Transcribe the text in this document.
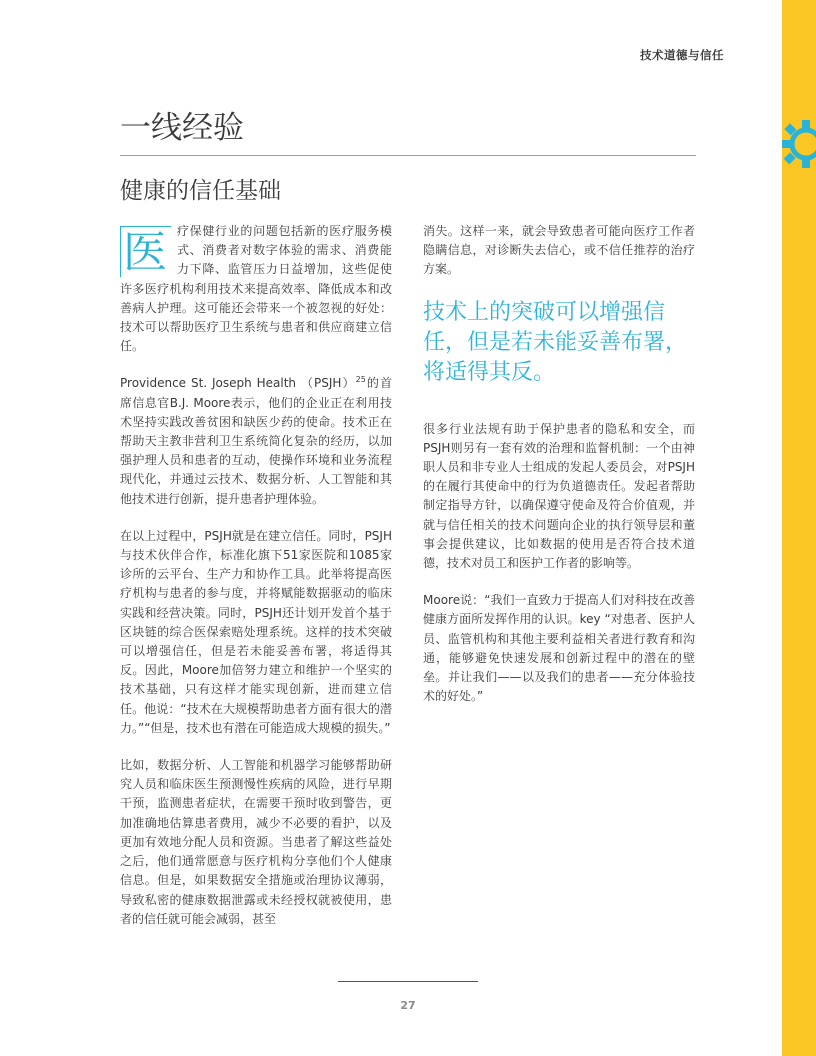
技术道德与信任
一线经验
健康的信任基础

医 疗保健行业的问题包括新的医疗服务模式、消费者对数字体验的需求、消费能力下降、监管压力日益增加，这些促使许多医疗机构利用技术来提高效率、降低成本和改善病人护理。这可能还会带来一个被忽视的好处：技术可以帮助医疗卫生系统与患者和供应商建立信任。

Providence St. Joseph Health （PSJH）$^{25}$的首席信息官B.J. Moore表示，他们的企业正在利用技术坚持实践改善贫困和缺医少药的使命。技术正在帮助天主教非营利卫生系统简化复杂的经历，以加强护理人员和患者的互动，使操作环境和业务流程现代化，并通过云技术、数据分析、人工智能和其他技术进行创新，提升患者护理体验。

在以上过程中，PSJH就是在建立信任。同时，PSJH与技术伙伴合作，标准化旗下51家医院和1085家诊所的云平台、生产力和协作工具。此举将提高医疗机构与患者的参与度，并将赋能数据驱动的临床实践和经营决策。同时，PSJH还计划开发首个基于区块链的综合医保索赔处理系统。这样的技术突破可以增强信任，但是若未能妥善布署，将适得其反。因此，Moore加倍努力建立和维护一个坚实的技术基础，只有这样才能实现创新，进而建立信任。他说：“技术在大规模帮助患者方面有很大的潜力。”“但是，技术也有潜在可能造成大规模的损失。”

比如，数据分析、人工智能和机器学习能够帮助研究人员和临床医生预测慢性疾病的风险，进行早期干预，监测患者症状，在需要干预时收到警告，更加准确地估算患者费用，减少不必要的看护，以及更加有效地分配人员和资源。当患者了解这些益处之后，他们通常愿意与医疗机构分享他们个人健康信息。但是，如果数据安全措施或治理协议薄弱，导致私密的健康数据泄露或未经授权就被使用，患者的信任就可能会减弱，甚至

消失。这样一来，就会导致患者可能向医疗工作者隐瞒信息，对诊断失去信心，或不信任推荐的治疗方案。

技术上的突破可以增强信任，但是若未能妥善布署，将适得其反。

很多行业法规有助于保护患者的隐私和安全，而PSJH则另有一套有效的治理和监督机制：一个由神职人员和非专业人士组成的发起人委员会，对PSJH的在履行其使命中的行为负道德责任。发起者帮助制定指导方针，以确保遵守使命及符合价值观，并就与信任相关的技术问题向企业的执行领导层和董事会提供建议，比如数据的使用是否符合技术道德，技术对员工和医护工作者的影响等。

Moore说：“我们一直致力于提高人们对科技在改善健康方面所发挥作用的认识。key “对患者、医护人员、监管机构和其他主要利益相关者进行教育和沟通，能够避免快速发展和创新过程中的潜在的壁垒。并让我们——以及我们的患者——充分体验技术的好处。”

27
